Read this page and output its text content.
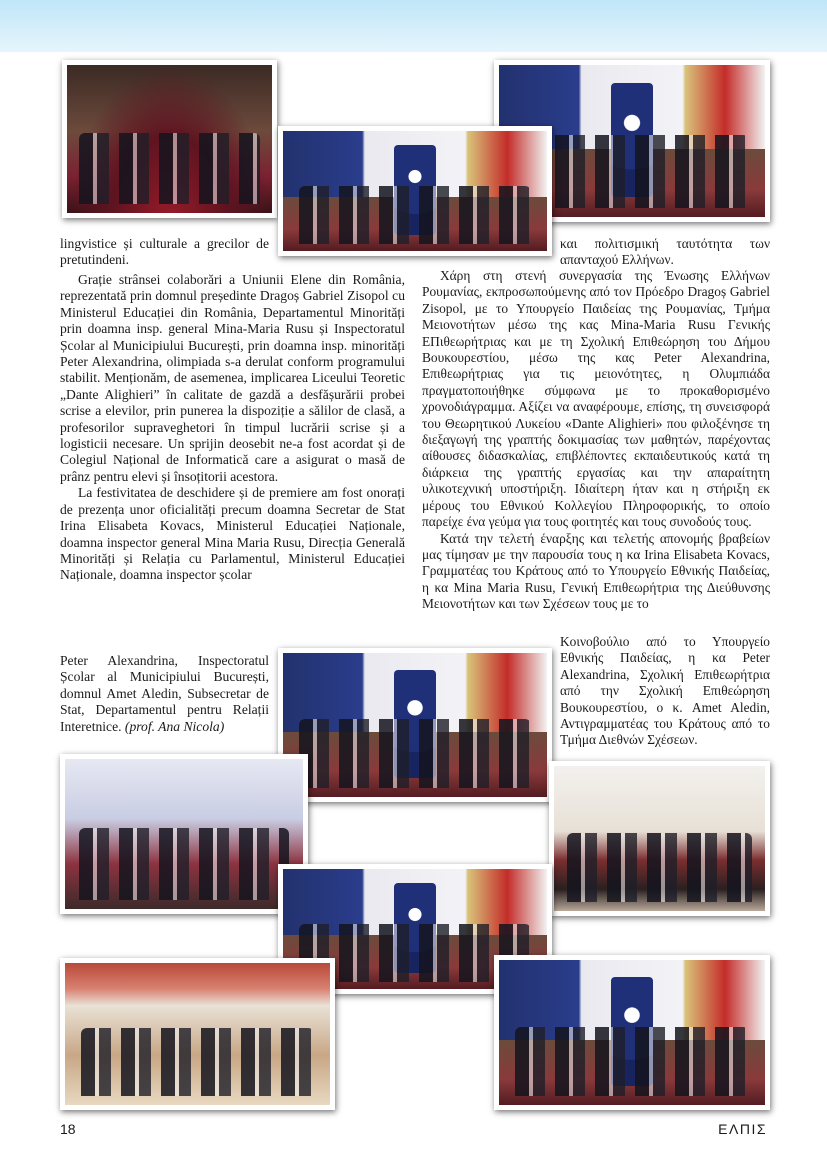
lingvistice și culturale a grecilor de pretutindeni.

Grație strânsei colaborări a Uniunii Elene din România, reprezentată prin domnul președinte Dragoș Gabriel Zisopol cu Ministerul Educației din România, Departamentul Minorități prin doamna insp. general Mina-Maria Rusu și Inspectoratul Școlar al Municipiului București, prin doamna insp. minorități Peter Alexandrina, olimpiada s-a derulat conform programului stabilit. Menționăm, de asemenea, implicarea Liceului Teoretic „Dante Alighieri” în calitate de gazdă a desfășurării probei scrise a elevilor, prin punerea la dispoziție a sălilor de clasă, a profesorilor supraveghetori în timpul lucrării scrise și a logisticii necesare. Un sprijin deosebit ne-a fost acordat și de Colegiul Național de Informatică care a asigurat o masă de prânz pentru elevi și însoțitorii acestora.

La festivitatea de deschidere și de premiere am fost onorați de prezența unor oficialități precum doamna Secretar de Stat Irina Elisabeta Kovacs, Ministerul Educației Naționale, doamna inspector general Mina Maria Rusu, Direcția Generală Minorități și Relația cu Parlamentul, Ministerul Educației Naționale, doamna inspector școlar

Peter Alexandrina, Inspectoratul Școlar al Municipiului București, domnul Amet Aledin, Subsecretar de Stat, Departamentul pentru Relații Interetnice. (prof. Ana Nicola)

και πολιτισμική ταυτότητα των απανταχού Ελλήνων.

Χάρη στη στενή συνεργασία της Ένωσης Ελλήνων Ρουμανίας, εκπροσωπούμενης από τον Πρόεδρο Dragoș Gabriel Zisopol, με το Υπουργείο Παιδείας της Ρουμανίας, Τμήμα Μειονοτήτων μέσω της κας Mina-Maria Rusu Γενικής ΕΠιθεωρήτριας και με τη Σχολική Επιθεώρηση του Δήμου Βουκουρεστίου, μέσω της κας Peter Alexandrina, Επιθεωρήτριας για τις μειονότητες, η Ολυμπιάδα πραγματοποιήθηκε σύμφωνα με το προκαθορισμένο χρονοδιάγραμμα. Αξίζει να αναφέρουμε, επίσης, τη συνεισφορά του Θεωρητικού Λυκείου «Dante Alighieri» που φιλοξένησε τη διεξαγωγή της γραπτής δοκιμασίας των μαθητών, παρέχοντας αίθουσες διδασκαλίας, επιβλέποντες εκπαιδευτικούς κατά τη διάρκεια της γραπτής εργασίας και την απαραίτητη υλικοτεχνική υποστήριξη. Ιδιαίτερη ήταν και η στήριξη εκ μέρους του Εθνικού Κολλεγίου Πληροφορικής, το οποίο παρείχε ένα γεύμα για τους φοιτητές και τους συνοδούς τους.

Κατά την τελετή έναρξης και τελετής απονομής βραβείων μας τίμησαν με την παρουσία τους η κα Irina Elisabeta Kovacs, Γραμματέας του Κράτους από το Υπουργείο Εθνικής Παιδείας, η κα Mina Maria Rusu, Γενική Επιθεωρήτρια της Διεύθυνσης Μειονοτήτων και των Σχέσεων τους με το

Κοινοβούλιο από το Υπουργείο Εθνικής Παιδείας, η κα Peter Alexandrina, Σχολική Επιθεωρήτρια από την Σχολική Επιθεώρηση Βουκουρεστίου, ο κ. Amet Aledin, Αντιγραμματέας του Κράτους από το Τμήμα Διεθνών Σχέσεων.

18	ΕΛΠΙΣ
